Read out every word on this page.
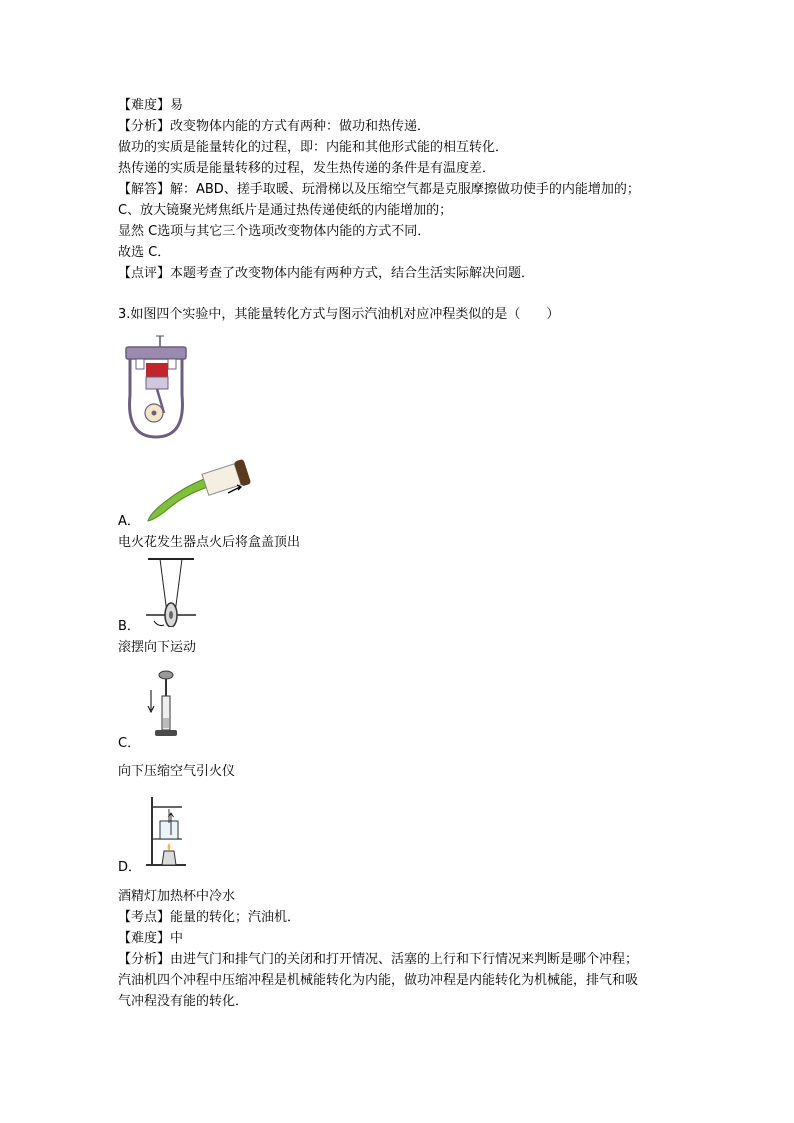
【难度】易
【分析】改变物体内能的方式有两种：做功和热传递．
做功的实质是能量转化的过程，即：内能和其他形式能的相互转化．
热传递的实质是能量转移的过程，发生热传递的条件是有温度差．
【解答】解：ABD、搓手取暖、玩滑梯以及压缩空气都是克服摩擦做功使手的内能增加的；
C、放大镜聚光烤焦纸片是通过热传递使纸的内能增加的；
显然 C选项与其它三个选项改变物体内能的方式不同．
故选 C．
【点评】本题考查了改变物体内能有两种方式，结合生活实际解决问题．
3.如图四个实验中，其能量转化方式与图示汽油机对应冲程类似的是（　　）
A．
电火花发生器点火后将盒盖顶出
B．
滚摆向下运动
C．
向下压缩空气引火仪
D．
酒精灯加热杯中冷水
【考点】能量的转化；汽油机．
【难度】中
【分析】由进气门和排气门的关闭和打开情况、活塞的上行和下行情况来判断是哪个冲程；
汽油机四个冲程中压缩冲程是机械能转化为内能，做功冲程是内能转化为机械能，排气和吸
气冲程没有能的转化．
